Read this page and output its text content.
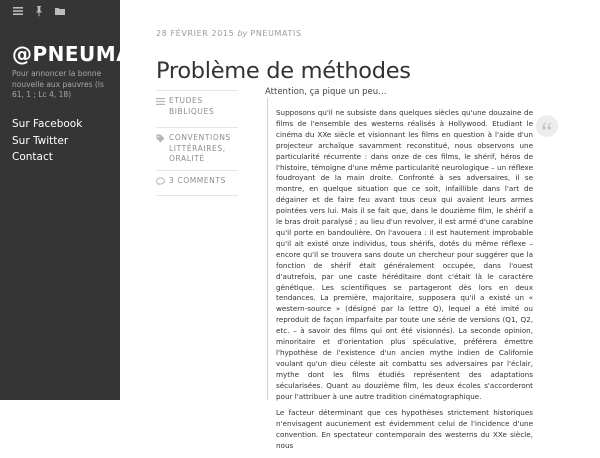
@PNEUMATIS
Pour annoncer la bonne nouvelle aux pauvres (Is 61, 1 ; Lc 4, 18)
Sur Facebook
Sur Twitter
Contact
28 FÉVRIER 2015 by PNEUMATIS
Problème de méthodes
ETUDES
BIBLIQUES
CONVENTIONS
LITTÉRAIRES,
ORALITÉ
3 COMMENTS
Attention, ça pique un peu…

Supposons qu'il ne subsiste dans quelques siècles qu'une douzaine de films de l'ensemble des westerns réalisés à Hollywood. Etudiant le cinéma du XXe siècle et visionnant les films en question à l'aide d'un projecteur archaïque savamment reconstitué, nous observons une particularité récurrente : dans onze de ces films, le shérif, héros de l'histoire, témoigne d'une même particularité neurologique – un réflexe foudroyant de la main droite. Confronté à ses adversaires, il se montre, en quelque situation que ce soit, infaillible dans l'art de dégainer et de faire feu avant tous ceux qui avaient leurs armes pointées vers lui. Mais il se fait que, dans le douzième film, le shérif a le bras droit paralysé ; au lieu d'un revolver, il est armé d'une carabine qu'il porte en bandoulière. On l'avouera : il est hautement improbable qu'il ait existé onze individus, tous shérifs, dotés du même réflexe – encore qu'il se trouvera sans doute un chercheur pour suggérer que la fonction de shérif était généralement occupée, dans l'ouest d'autrefois, par une caste héréditaire dont c'était là le caractère génétique. Les scientifiques se partageront dès lors en deux tendances. La première, majoritaire, supposera qu'il a existé un « western-source » (désigné par la lettre Q), lequel a été imité ou reproduit de façon imparfaite par toute une série de versions (Q1, Q2, etc. – à savoir des films qui ont été visionnés). La seconde opinion, minoritaire et d'orientation plus spéculative, préférera émettre l'hypothèse de l'existence d'un ancien mythe indien de Californie voulant qu'un dieu céleste ait combattu ses adversaires par l'éclair, mythe dont les films étudiés représentent des adaptations sécularisées. Quant au douzième film, les deux écoles s'accorderont pour l'attribuer à une autre tradition cinématographique.

Le facteur déterminant que ces hypothèses strictement historiques n'envisagent aucunement est évidemment celui de l'incidence d'une convention. En spectateur contemporain des westerns du XXe siècle, nous
